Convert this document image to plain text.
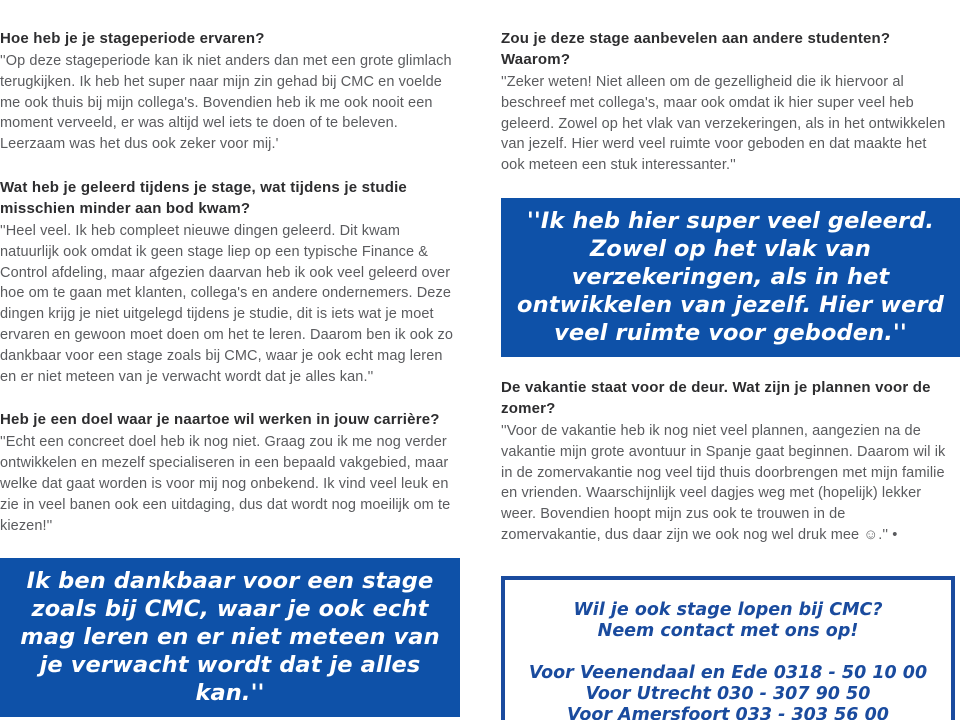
Hoe heb je je stageperiode ervaren?

''Op deze stageperiode kan ik niet anders dan met een grote glimlach terugkijken. Ik heb het super naar mijn zin gehad bij CMC en voelde me ook thuis bij mijn collega's. Bovendien heb ik me ook nooit een moment verveeld, er was altijd wel iets te doen of te beleven. Leerzaam was het dus ook zeker voor mij.'

Wat heb je geleerd tijdens je stage, wat tijdens je studie misschien minder aan bod kwam?

''Heel veel. Ik heb compleet nieuwe dingen geleerd. Dit kwam natuurlijk ook omdat ik geen stage liep op een typische Finance & Control afdeling, maar afgezien daarvan heb ik ook veel geleerd over hoe om te gaan met klanten, collega's en andere ondernemers. Deze dingen krijg je niet uitgelegd tijdens je studie, dit is iets wat je moet ervaren en gewoon moet doen om het te leren. Daarom ben ik ook zo dankbaar voor een stage zoals bij CMC, waar je ook echt mag leren en er niet meteen van je verwacht wordt dat je alles kan.''

Heb je een doel waar je naartoe wil werken in jouw carrière?

''Echt een concreet doel heb ik nog niet. Graag zou ik me nog verder ontwikkelen en mezelf specialiseren in een bepaald vakgebied, maar welke dat gaat worden is voor mij nog onbekend. Ik vind veel leuk en zie in veel banen ook een uitdaging, dus dat wordt nog moeilijk om te kiezen!''

Ik ben dankbaar voor een stage zoals bij CMC, waar je ook echt mag leren en er niet meteen van je verwacht wordt dat je alles kan.''
Zou je deze stage aanbevelen aan andere studenten? Waarom?

''Zeker weten! Niet alleen om de gezelligheid die ik hiervoor al beschreef met collega's, maar ook omdat ik hier super veel heb geleerd. Zowel op het vlak van verzekeringen, als in het ontwikkelen van jezelf. Hier werd veel ruimte voor geboden en dat maakte het ook meteen een stuk interessanter.''

''Ik heb hier super veel geleerd. Zowel op het vlak van verzekeringen, als in het ontwikkelen van jezelf. Hier werd veel ruimte voor geboden.''
De vakantie staat voor de deur. Wat zijn je plannen voor de zomer?

''Voor de vakantie heb ik nog niet veel plannen, aangezien na de vakantie mijn grote avontuur in Spanje gaat beginnen. Daarom wil ik in de zomervakantie nog veel tijd thuis doorbrengen met mijn familie en vrienden. Waarschijnlijk veel dagjes weg met (hopelijk) lekker weer. Bovendien hoopt mijn zus ook te trouwen in de zomervakantie, dus daar zijn we ook nog wel druk mee ☺.'' •

Wil je ook stage lopen bij CMC?
Neem contact met ons op!
Voor Veenendaal en Ede 0318 - 50 10 00
Voor Utrecht 030 - 307 90 50
Voor Amersfoort 033 - 303 56 00
